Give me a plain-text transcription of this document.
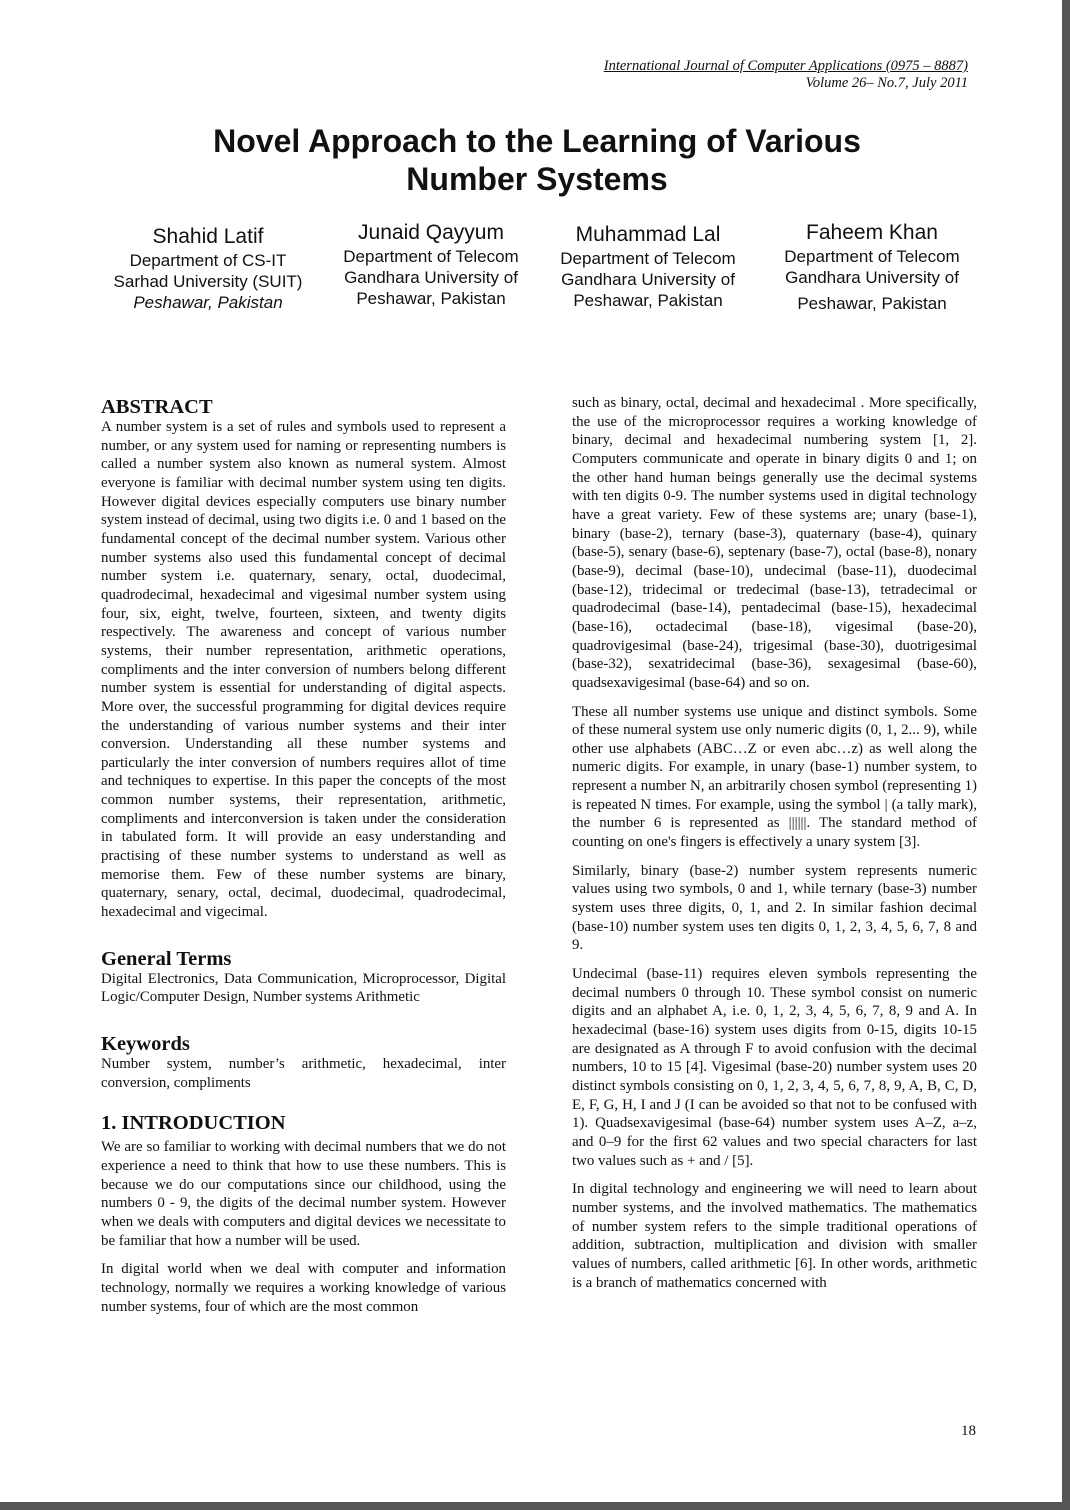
International Journal of Computer Applications (0975 – 8887)
Volume 26– No.7, July 2011
Novel Approach to the Learning of Various
Number Systems
Shahid Latif
Department of CS-IT
Sarhad University (SUIT)
Peshawar, Pakistan
Junaid Qayyum
Department of Telecom
Gandhara University of
Peshawar, Pakistan
Muhammad Lal
Department of Telecom
Gandhara University of
Peshawar, Pakistan
Faheem Khan
Department of Telecom
Gandhara University of
Peshawar, Pakistan
ABSTRACT

A number system is a set of rules and symbols used to represent a number, or any system used for naming or representing numbers is called a number system also known as numeral system. Almost everyone is familiar with decimal number system using ten digits. However digital devices especially computers use binary number system instead of decimal, using two digits i.e. 0 and 1 based on the fundamental concept of the decimal number system. Various other number systems also used this fundamental concept of decimal number system i.e. quaternary, senary, octal, duodecimal, quadrodecimal, hexadecimal and vigesimal number system using four, six, eight, twelve, fourteen, sixteen, and twenty digits respectively. The awareness and concept of various number systems, their number representation, arithmetic operations, compliments and the inter conversion of numbers belong different number system is essential for understanding of digital aspects. More over, the successful programming for digital devices require the understanding of various number systems and their inter conversion. Understanding all these number systems and particularly the inter conversion of numbers requires allot of time and techniques to expertise. In this paper the concepts of the most common number systems, their representation, arithmetic, compliments and interconversion is taken under the consideration in tabulated form. It will provide an easy understanding and practising of these number systems to understand as well as memorise them. Few of these number systems are binary, quaternary, senary, octal, decimal, duodecimal, quadrodecimal, hexadecimal and vigecimal.

General Terms

Digital Electronics, Data Communication, Microprocessor, Digital Logic/Computer Design, Number systems Arithmetic

Keywords

Number system, number’s arithmetic, hexadecimal, inter conversion, compliments

1. INTRODUCTION

We are so familiar to working with decimal numbers that we do not experience a need to think that how to use these numbers. This is because we do our computations since our childhood, using the numbers 0 - 9, the digits of the decimal number system. However when we deals with computers and digital devices we necessitate to be familiar that how a number will be used.

In digital world when we deal with computer and information technology, normally we requires a working knowledge of various number systems, four of which are the most common

such as binary, octal, decimal and hexadecimal . More specifically, the use of the microprocessor requires a working knowledge of binary, decimal and hexadecimal numbering system [1, 2]. Computers communicate and operate in binary digits 0 and 1; on the other hand human beings generally use the decimal systems with ten digits 0-9. The number systems used in digital technology have a great variety. Few of these systems are; unary (base-1), binary (base-2), ternary (base-3), quaternary (base-4), quinary (base-5), senary (base-6), septenary (base-7), octal (base-8), nonary (base-9), decimal (base-10), undecimal (base-11), duodecimal (base-12), tridecimal or tredecimal (base-13), tetradecimal or quadrodecimal (base-14), pentadecimal (base-15), hexadecimal (base-16), octadecimal (base-18), vigesimal (base-20), quadrovigesimal (base-24), trigesimal (base-30), duotrigesimal (base-32), sexatridecimal (base-36), sexagesimal (base-60), quadsexavigesimal (base-64) and so on.

These all number systems use unique and distinct symbols. Some of these numeral system use only numeric digits (0, 1, 2... 9), while other use alphabets (ABC…Z or even abc…z) as well along the numeric digits. For example, in unary (base-1) number system, to represent a number N, an arbitrarily chosen symbol (representing 1) is repeated N times. For example, using the symbol | (a tally mark), the number 6 is represented as ||||||. The standard method of counting on one's fingers is effectively a unary system [3].

Similarly, binary (base-2) number system represents numeric values using two symbols, 0 and 1, while ternary (base-3) number system uses three digits, 0, 1, and 2. In similar fashion decimal (base-10) number system uses ten digits 0, 1, 2, 3, 4, 5, 6, 7, 8 and 9.

Undecimal (base-11) requires eleven symbols representing the decimal numbers 0 through 10. These symbol consist on numeric digits and an alphabet A, i.e. 0, 1, 2, 3, 4, 5, 6, 7, 8, 9 and A. In hexadecimal (base-16) system uses digits from 0-15, digits 10-15 are designated as A through F to avoid confusion with the decimal numbers, 10 to 15 [4]. Vigesimal (base-20) number system uses 20 distinct symbols consisting on 0, 1, 2, 3, 4, 5, 6, 7, 8, 9, A, B, C, D, E, F, G, H, I and J (I can be avoided so that not to be confused with 1). Quadsexavigesimal (base-64) number system uses A–Z, a–z, and 0–9 for the first 62 values and two special characters for last two values such as + and / [5].

In digital technology and engineering we will need to learn about number systems, and the involved mathematics. The mathematics of number system refers to the simple traditional operations of addition, subtraction, multiplication and division with smaller values of numbers, called arithmetic [6]. In other words, arithmetic is a branch of mathematics concerned with

18
